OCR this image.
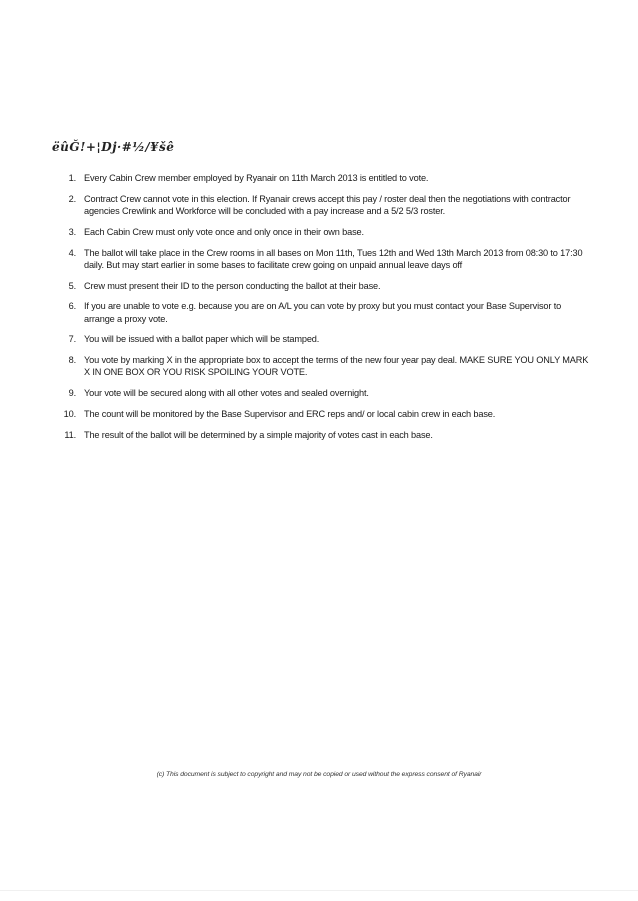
ëûĞ!+¦Dj·#½/¥šê
1. Every Cabin Crew member employed by Ryanair on 11th March 2013 is entitled to vote.
2. Contract Crew cannot vote in this election. If Ryanair crews accept this pay / roster deal then the negotiations with contractor agencies Crewlink and Workforce will be concluded with a pay increase and a 5/2 5/3 roster.
3. Each Cabin Crew must only vote once and only once in their own base.
4. The ballot will take place in the Crew rooms in all bases on Mon 11th, Tues 12th and Wed 13th March 2013 from 08:30 to 17:30 daily. But may start earlier in some bases to facilitate crew going on unpaid annual leave days off
5. Crew must present their ID to the person conducting the ballot at their base.
6. If you are unable to vote e.g. because you are on A/L you can vote by proxy but you must contact your Base Supervisor to arrange a proxy vote.
7. You will be issued with a ballot paper which will be stamped.
8. You vote by marking X in the appropriate box to accept the terms of the new four year pay deal. MAKE SURE YOU ONLY MARK X IN ONE BOX OR YOU RISK SPOILING YOUR VOTE.
9. Your vote will be secured along with all other votes and sealed overnight.
10. The count will be monitored by the Base Supervisor and ERC reps and/ or local cabin crew in each base.
11. The result of the ballot will be determined by a simple majority of votes cast in each base.
(c) This document is subject to copyright and may not be copied or used without the express consent of Ryanair
